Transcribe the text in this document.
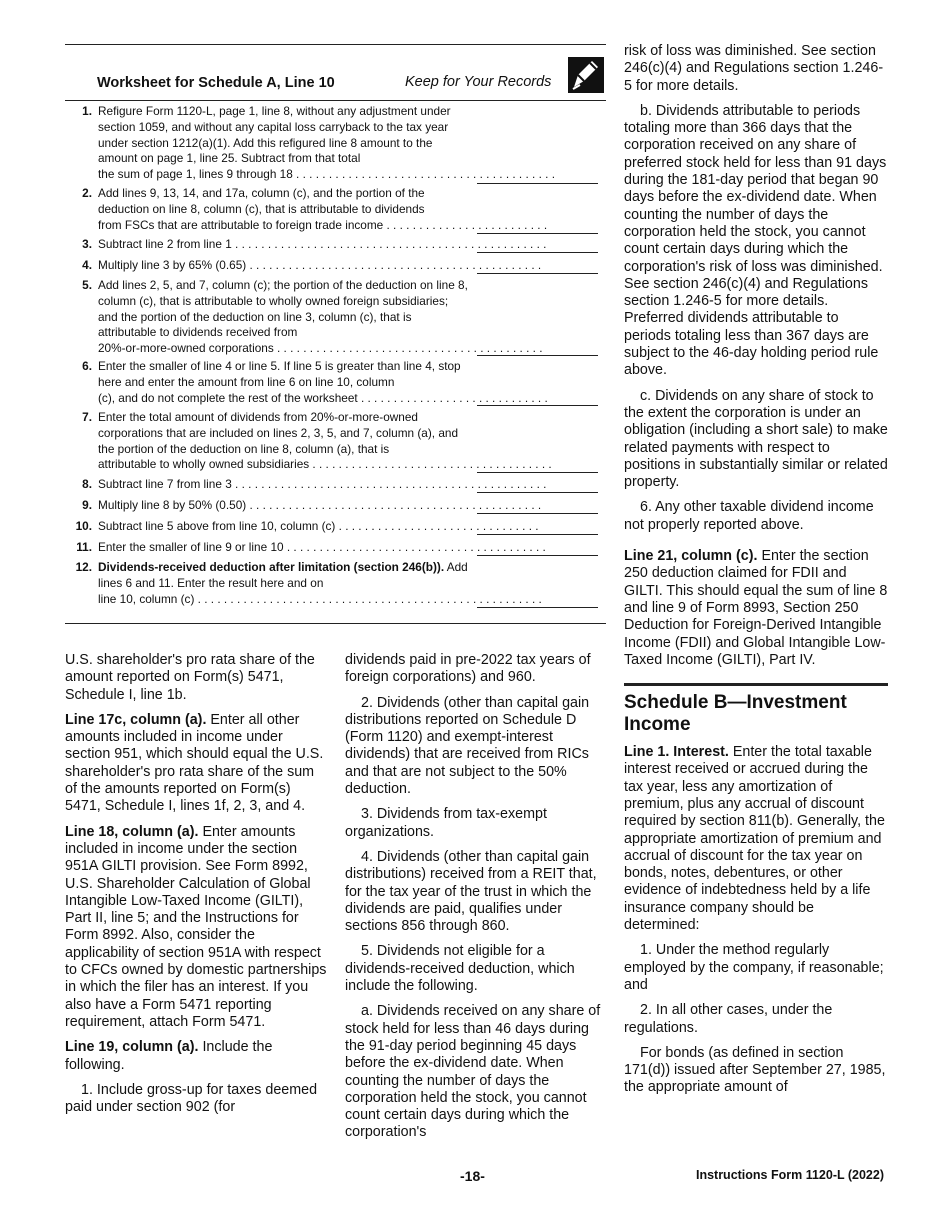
Worksheet for Schedule A, Line 10	Keep for Your Records
1. Refigure Form 1120-L, page 1, line 8, without any adjustment under section 1059, and without any capital loss carryback to the tax year under section 1212(a)(1). Add this refigured line 8 amount to the amount on page 1, line 25. Subtract from that total
the sum of page 1, lines 9 through 18 . . . . . . . . . . . . . . . . . . . . . . . . . . . . . . . . . . . . . . . .
2. Add lines 9, 13, 14, and 17a, column (c), and the portion of the deduction on line 8, column (c), that is attributable to dividends
from FSCs that are attributable to foreign trade income . . . . . . . . . . . . . . . . . . . . . . . . .
3. Subtract line 2 from line 1 . . . . . . . . . . . . . . . . . . . . . . . . . . . . . . . . . . . . . . . . . . . . . . . .
4. Multiply line 3 by 65% (0.65) . . . . . . . . . . . . . . . . . . . . . . . . . . . . . . . . . . . . . . . . . . . . .
5. Add lines 2, 5, and 7, column (c); the portion of the deduction on line 8, column (c), that is attributable to wholly owned foreign subsidiaries; and the portion of the deduction on line 3, column (c), that is attributable to dividends received from
20%-or-more-owned corporations . . . . . . . . . . . . . . . . . . . . . . . . . . . . . . . . . . . . . . . . .
6. Enter the smaller of line 4 or line 5. If line 5 is greater than line 4, stop here and enter the amount from line 6 on line 10, column
(c), and do not complete the rest of the worksheet . . . . . . . . . . . . . . . . . . . . . . . . . . . . .
7. Enter the total amount of dividends from 20%-or-more-owned corporations that are included on lines 2, 3, 5, and 7, column (a), and the portion of the deduction on line 8, column (a), that is
attributable to wholly owned subsidiaries . . . . . . . . . . . . . . . . . . . . . . . . . . . . . . . . . . . . .
8. Subtract line 7 from line 3 . . . . . . . . . . . . . . . . . . . . . . . . . . . . . . . . . . . . . . . . . . . . . . . .
9. Multiply line 8 by 50% (0.50) . . . . . . . . . . . . . . . . . . . . . . . . . . . . . . . . . . . . . . . . . . . . .
10. Subtract line 5 above from line 10, column (c) . . . . . . . . . . . . . . . . . . . . . . . . . . . . . . .
11. Enter the smaller of line 9 or line 10 . . . . . . . . . . . . . . . . . . . . . . . . . . . . . . . . . . . . . . . .
12. Dividends-received deduction after limitation (section 246(b)). Add lines 6 and 11. Enter the result here and on
line 10, column (c) . . . . . . . . . . . . . . . . . . . . . . . . . . . . . . . . . . . . . . . . . . . . . . . . . . . . .

U.S. shareholder's pro rata share of the amount reported on Form(s) 5471, Schedule I, line 1b.

Line 17c, column (a). Enter all other amounts included in income under section 951, which should equal the U.S. shareholder's pro rata share of the sum of the amounts reported on Form(s) 5471, Schedule I, lines 1f, 2, 3, and 4.

Line 18, column (a). Enter amounts included in income under the section 951A GILTI provision. See Form 8992, U.S. Shareholder Calculation of Global Intangible Low-Taxed Income (GILTI), Part II, line 5; and the Instructions for Form 8992. Also, consider the applicability of section 951A with respect to CFCs owned by domestic partnerships in which the filer has an interest. If you also have a Form 5471 reporting requirement, attach Form 5471.

Line 19, column (a). Include the following.

1. Include gross-up for taxes deemed paid under section 902 (for

dividends paid in pre-2022 tax years of foreign corporations) and 960.

2. Dividends (other than capital gain distributions reported on Schedule D (Form 1120) and exempt-interest dividends) that are received from RICs and that are not subject to the 50% deduction.

3. Dividends from tax-exempt organizations.

4. Dividends (other than capital gain distributions) received from a REIT that, for the tax year of the trust in which the dividends are paid, qualifies under sections 856 through 860.

5. Dividends not eligible for a dividends-received deduction, which include the following.

a. Dividends received on any share of stock held for less than 46 days during the 91-day period beginning 45 days before the ex-dividend date. When counting the number of days the corporation held the stock, you cannot count certain days during which the corporation's

risk of loss was diminished. See section 246(c)(4) and Regulations section 1.246-5 for more details.

b. Dividends attributable to periods totaling more than 366 days that the corporation received on any share of preferred stock held for less than 91 days during the 181-day period that began 90 days before the ex-dividend date. When counting the number of days the corporation held the stock, you cannot count certain days during which the corporation's risk of loss was diminished. See section 246(c)(4) and Regulations section 1.246-5 for more details. Preferred dividends attributable to periods totaling less than 367 days are subject to the 46-day holding period rule above.

c. Dividends on any share of stock to the extent the corporation is under an obligation (including a short sale) to make related payments with respect to positions in substantially similar or related property.

6. Any other taxable dividend income not properly reported above.

Line 21, column (c). Enter the section 250 deduction claimed for FDII and GILTI. This should equal the sum of line 8 and line 9 of Form 8993, Section 250 Deduction for Foreign-Derived Intangible Income (FDII) and Global Intangible Low-Taxed Income (GILTI), Part IV.

Schedule B—Investment Income

Line 1. Interest. Enter the total taxable interest received or accrued during the tax year, less any amortization of premium, plus any accrual of discount required by section 811(b). Generally, the appropriate amortization of premium and accrual of discount for the tax year on bonds, notes, debentures, or other evidence of indebtedness held by a life insurance company should be determined:

1. Under the method regularly employed by the company, if reasonable; and

2. In all other cases, under the regulations.

For bonds (as defined in section 171(d)) issued after September 27, 1985, the appropriate amount of

-18-	Instructions Form 1120-L (2022)
